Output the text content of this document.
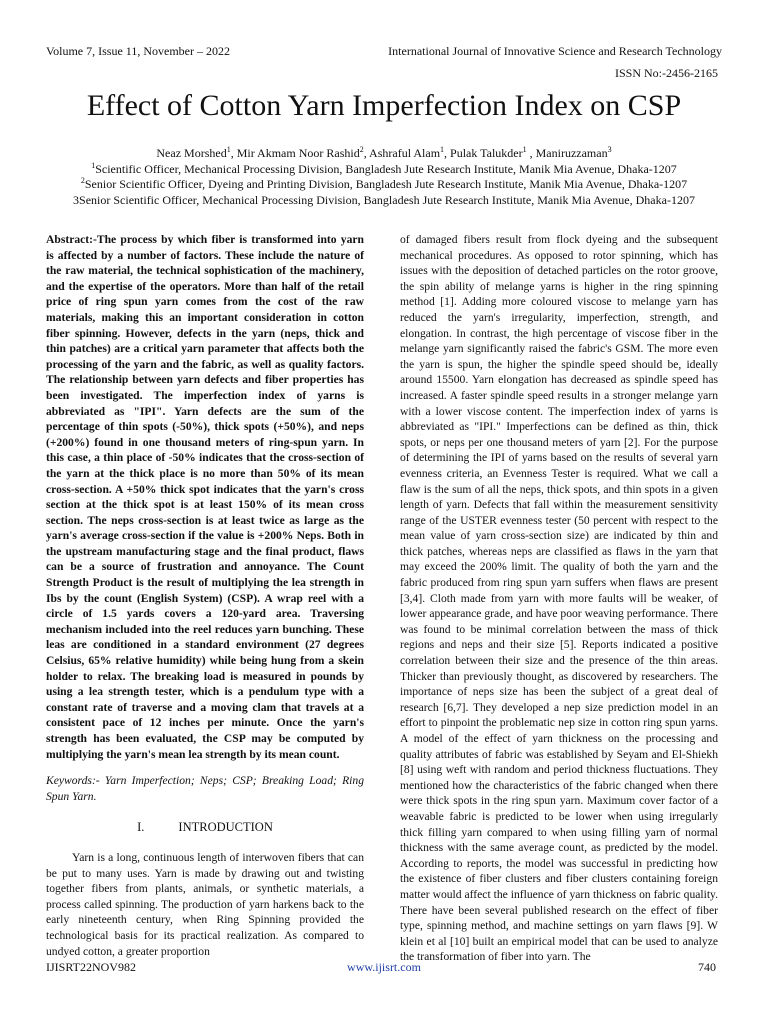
Volume 7, Issue 11, November – 2022	International Journal of Innovative Science and Research Technology
ISSN No:-2456-2165
Effect of Cotton Yarn Imperfection Index on CSP
Neaz Morshed$^1$, Mir Akmam Noor Rashid$^2$, Ashraful Alam$^1$, Pulak Talukder$^1$ , Maniruzzaman$^3$
$^1$Scientific Officer, Mechanical Processing Division, Bangladesh Jute Research Institute, Manik Mia Avenue, Dhaka-1207
$^2$Senior Scientific Officer, Dyeing and Printing Division, Bangladesh Jute Research Institute, Manik Mia Avenue, Dhaka-1207
3Senior Scientific Officer, Mechanical Processing Division, Bangladesh Jute Research Institute, Manik Mia Avenue, Dhaka-1207

Abstract:-The process by which fiber is transformed into yarn is affected by a number of factors. These include the nature of the raw material, the technical sophistication of the machinery, and the expertise of the operators. More than half of the retail price of ring spun yarn comes from the cost of the raw materials, making this an important consideration in cotton fiber spinning. However, defects in the yarn (neps, thick and thin patches) are a critical yarn parameter that affects both the processing of the yarn and the fabric, as well as quality factors. The relationship between yarn defects and fiber properties has been investigated. The imperfection index of yarns is abbreviated as "IPI". Yarn defects are the sum of the percentage of thin spots (-50%), thick spots (+50%), and neps (+200%) found in one thousand meters of ring-spun yarn. In this case, a thin place of -50% indicates that the cross-section of the yarn at the thick place is no more than 50% of its mean cross-section. A +50% thick spot indicates that the yarn's cross section at the thick spot is at least 150% of its mean cross section. The neps cross-section is at least twice as large as the yarn's average cross-section if the value is +200% Neps. Both in the upstream manufacturing stage and the final product, flaws can be a source of frustration and annoyance. The Count Strength Product is the result of multiplying the lea strength in Ibs by the count (English System) (CSP). A wrap reel with a circle of 1.5 yards covers a 120-yard area. Traversing mechanism included into the reel reduces yarn bunching. These leas are conditioned in a standard environment (27 degrees Celsius, 65% relative humidity) while being hung from a skein holder to relax. The breaking load is measured in pounds by using a lea strength tester, which is a pendulum type with a constant rate of traverse and a moving clam that travels at a consistent pace of 12 inches per minute. Once the yarn's strength has been evaluated, the CSP may be computed by multiplying the yarn's mean lea strength by its mean count.

Keywords:- Yarn Imperfection; Neps; CSP; Breaking Load; Ring Spun Yarn.

I.	INTRODUCTION

Yarn is a long, continuous length of interwoven fibers that can be put to many uses. Yarn is made by drawing out and twisting together fibers from plants, animals, or synthetic materials, a process called spinning. The production of yarn harkens back to the early nineteenth century, when Ring Spinning provided the technological basis for its practical realization. As compared to undyed cotton, a greater proportion

of damaged fibers result from flock dyeing and the subsequent mechanical procedures. As opposed to rotor spinning, which has issues with the deposition of detached particles on the rotor groove, the spin ability of melange yarns is higher in the ring spinning method [1]. Adding more coloured viscose to melange yarn has reduced the yarn's irregularity, imperfection, strength, and elongation. In contrast, the high percentage of viscose fiber in the melange yarn significantly raised the fabric's GSM. The more even the yarn is spun, the higher the spindle speed should be, ideally around 15500. Yarn elongation has decreased as spindle speed has increased. A faster spindle speed results in a stronger melange yarn with a lower viscose content. The imperfection index of yarns is abbreviated as "IPI." Imperfections can be defined as thin, thick spots, or neps per one thousand meters of yarn [2]. For the purpose of determining the IPI of yarns based on the results of several yarn evenness criteria, an Evenness Tester is required. What we call a flaw is the sum of all the neps, thick spots, and thin spots in a given length of yarn. Defects that fall within the measurement sensitivity range of the USTER evenness tester (50 percent with respect to the mean value of yarn cross-section size) are indicated by thin and thick patches, whereas neps are classified as flaws in the yarn that may exceed the 200% limit. The quality of both the yarn and the fabric produced from ring spun yarn suffers when flaws are present [3,4]. Cloth made from yarn with more faults will be weaker, of lower appearance grade, and have poor weaving performance. There was found to be minimal correlation between the mass of thick regions and neps and their size [5]. Reports indicated a positive correlation between their size and the presence of the thin areas. Thicker than previously thought, as discovered by researchers. The importance of neps size has been the subject of a great deal of research [6,7]. They developed a nep size prediction model in an effort to pinpoint the problematic nep size in cotton ring spun yarns. A model of the effect of yarn thickness on the processing and quality attributes of fabric was established by Seyam and El-Shiekh [8] using weft with random and period thickness fluctuations. They mentioned how the characteristics of the fabric changed when there were thick spots in the ring spun yarn. Maximum cover factor of a weavable fabric is predicted to be lower when using irregularly thick filling yarn compared to when using filling yarn of normal thickness with the same average count, as predicted by the model. According to reports, the model was successful in predicting how the existence of fiber clusters and fiber clusters containing foreign matter would affect the influence of yarn thickness on fabric quality. There have been several published research on the effect of fiber type, spinning method, and machine settings on yarn flaws [9]. W klein et al [10] built an empirical model that can be used to analyze the transformation of fiber into yarn. The

IJISRT22NOV982	www.ijisrt.com	740
